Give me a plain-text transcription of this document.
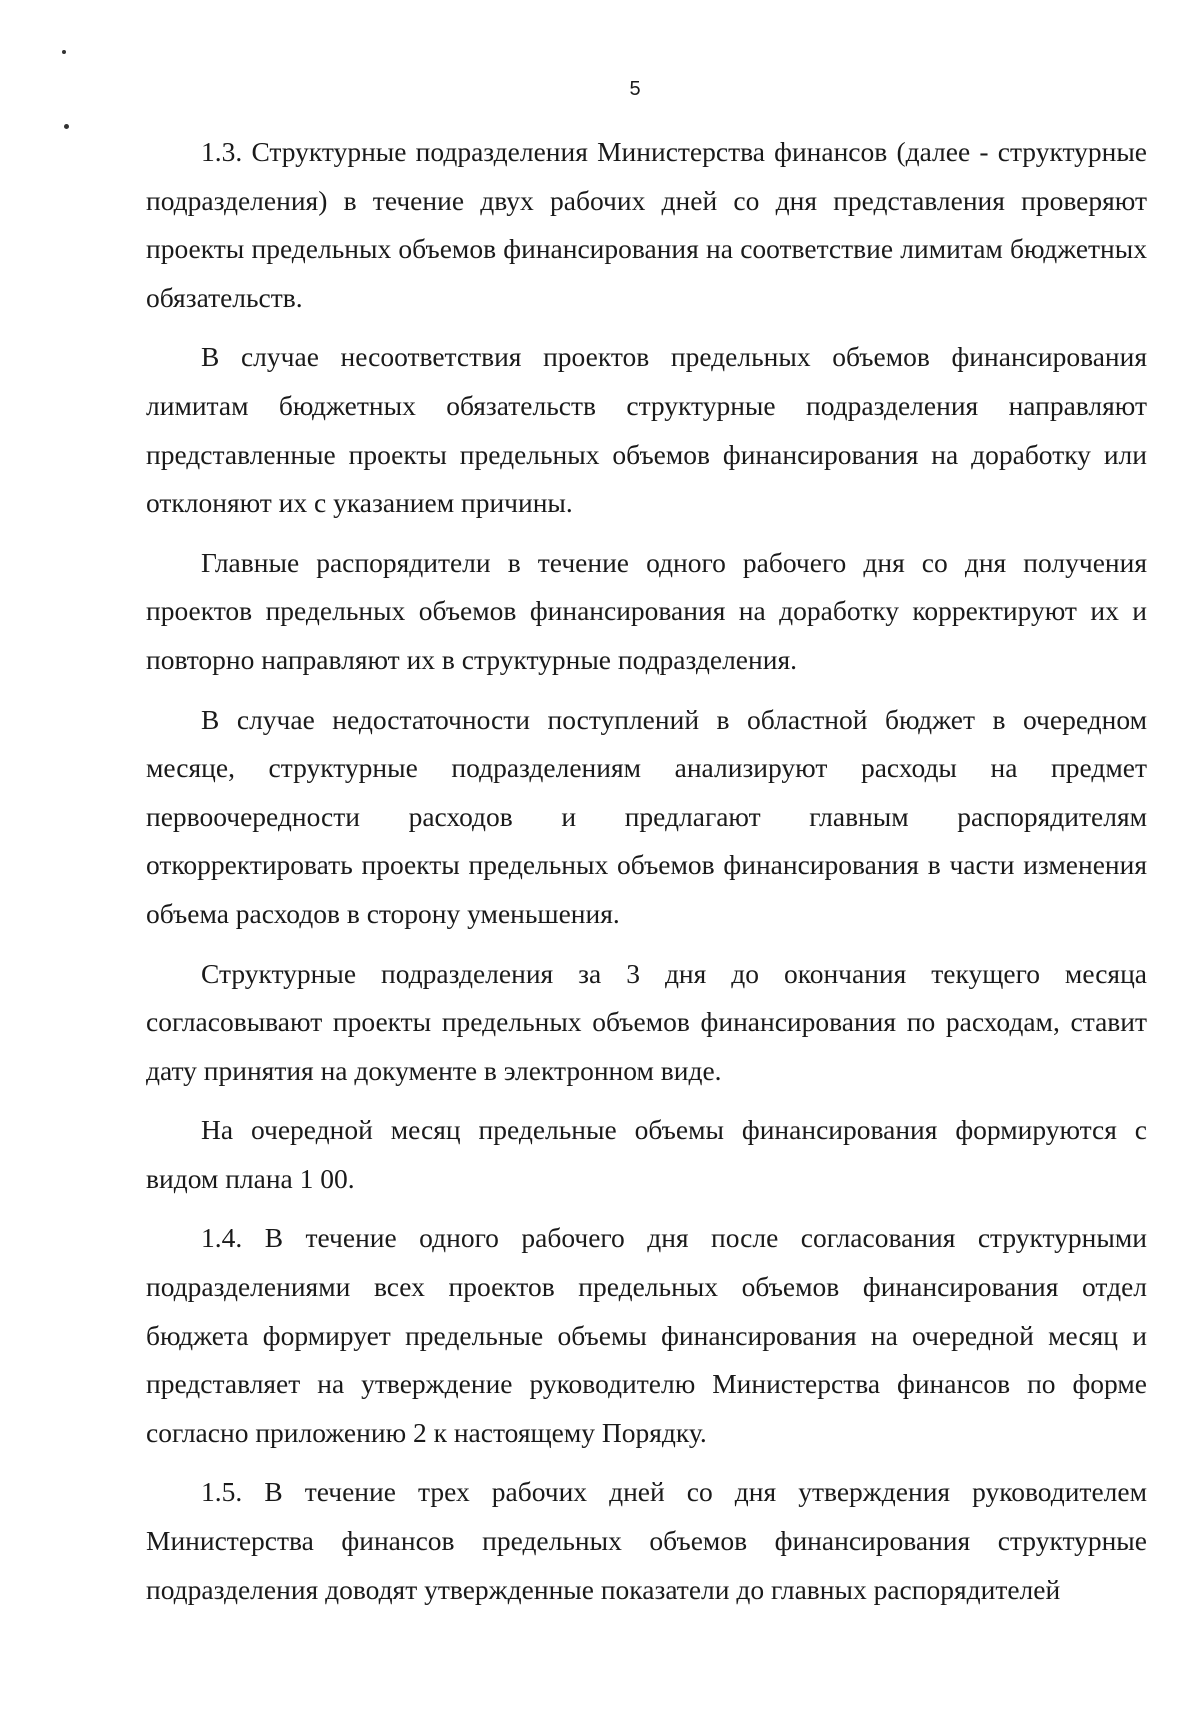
5

1.3. Структурные подразделения Министерства финансов (далее - структурные подразделения) в течение двух рабочих дней со дня представления проверяют проекты предельных объемов финансирования на соответствие лимитам бюджетных обязательств.

В случае несоответствия проектов предельных объемов финансирования лимитам бюджетных обязательств структурные подразделения направляют представленные проекты предельных объемов финансирования на доработку или отклоняют их с указанием причины.

Главные распорядители в течение одного рабочего дня со дня получения проектов предельных объемов финансирования на доработку корректируют их и повторно направляют их в структурные подразделения.

В случае недостаточности поступлений в областной бюджет в очередном месяце, структурные подразделениям анализируют расходы на предмет первоочередности расходов и предлагают главным распорядителям откорректировать проекты предельных объемов финансирования в части изменения объема расходов в сторону уменьшения.

Структурные подразделения за 3 дня до окончания текущего месяца согласовывают проекты предельных объемов финансирования по расходам, ставит дату принятия на документе в электронном виде.

На очередной месяц предельные объемы финансирования формируются с видом плана 1 00.

1.4. В течение одного рабочего дня после согласования структурными подразделениями всех проектов предельных объемов финансирования отдел бюджета формирует предельные объемы финансирования на очередной месяц и представляет на утверждение руководителю Министерства финансов по форме согласно приложению 2 к настоящему Порядку.

1.5. В течение трех рабочих дней со дня утверждения руководителем Министерства финансов предельных объемов финансирования структурные подразделения доводят утвержденные показатели до главных распорядителей
